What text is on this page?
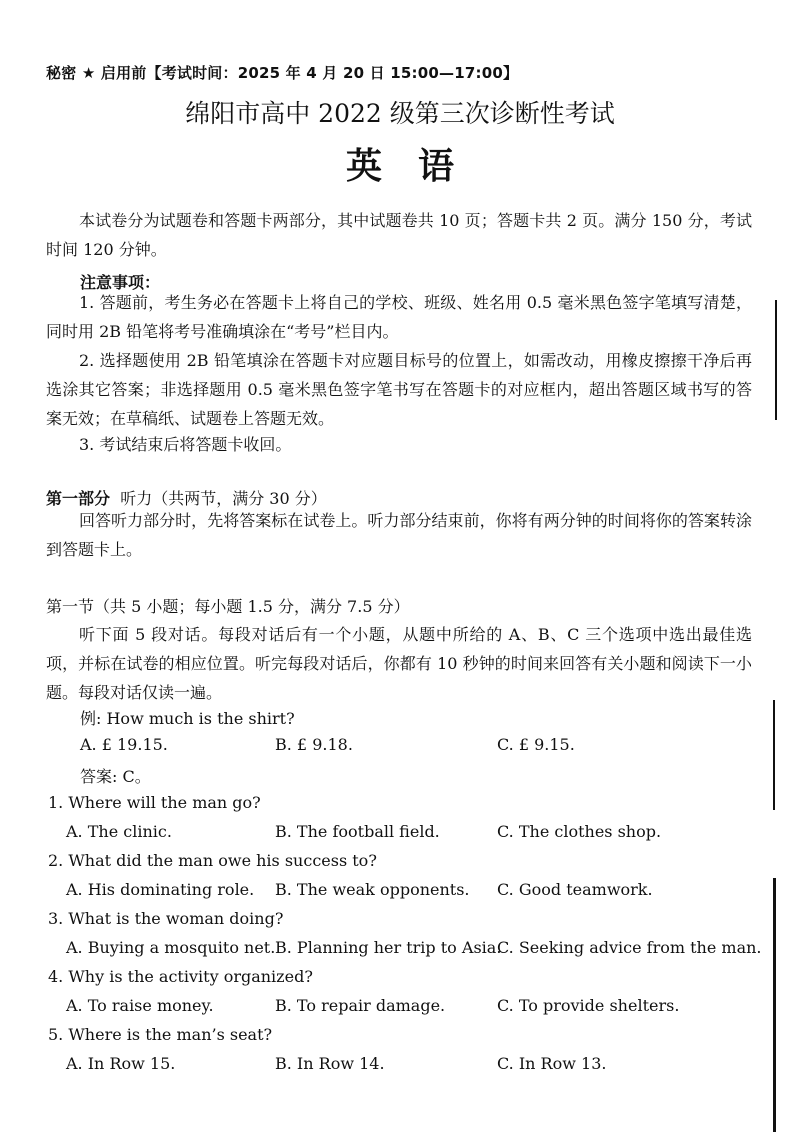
秘密 ★ 启用前【考试时间：2025 年 4 月 20 日 15:00—17:00】
绵阳市高中 2022 级第三次诊断性考试
英语
本试卷分为试题卷和答题卡两部分，其中试题卷共 10 页；答题卡共 2 页。满分 150 分，考试时间 120 分钟。
注意事项：
1. 答题前，考生务必在答题卡上将自己的学校、班级、姓名用 0.5 毫米黑色签字笔填写清楚，同时用 2B 铅笔将考号准确填涂在“考号”栏目内。
2. 选择题使用 2B 铅笔填涂在答题卡对应题目标号的位置上，如需改动，用橡皮擦擦干净后再选涂其它答案；非选择题用 0.5 毫米黑色签字笔书写在答题卡的对应框内，超出答题区域书写的答案无效；在草稿纸、试题卷上答题无效。
3. 考试结束后将答题卡收回。
第一部分 听力（共两节，满分 30 分）
回答听力部分时，先将答案标在试卷上。听力部分结束前，你将有两分钟的时间将你的答案转涂到答题卡上。
第一节（共 5 小题；每小题 1.5 分，满分 7.5 分）
听下面 5 段对话。每段对话后有一个小题，从题中所给的 A、B、C 三个选项中选出最佳选项，并标在试卷的相应位置。听完每段对话后，你都有 10 秒钟的时间来回答有关小题和阅读下一小题。每段对话仅读一遍。
例: How much is the shirt?
A. £ 19.15.	B. £ 9.18.	C. £ 9.15.
答案: C。
1. Where will the man go?
A. The clinic.	B. The football field.	C. The clothes shop.
2. What did the man owe his success to?
A. His dominating role. B. The weak opponents. C. Good teamwork.
3. What is the woman doing?
A. Buying a mosquito net. B. Planning her trip to Asia.
C. Seeking advice from the man.
4. Why is the activity organized?
A. To raise money.	B. To repair damage.	C. To provide shelters.
5. Where is the man’s seat?
A. In Row 15.	B. In Row 14.	C. In Row 13.
